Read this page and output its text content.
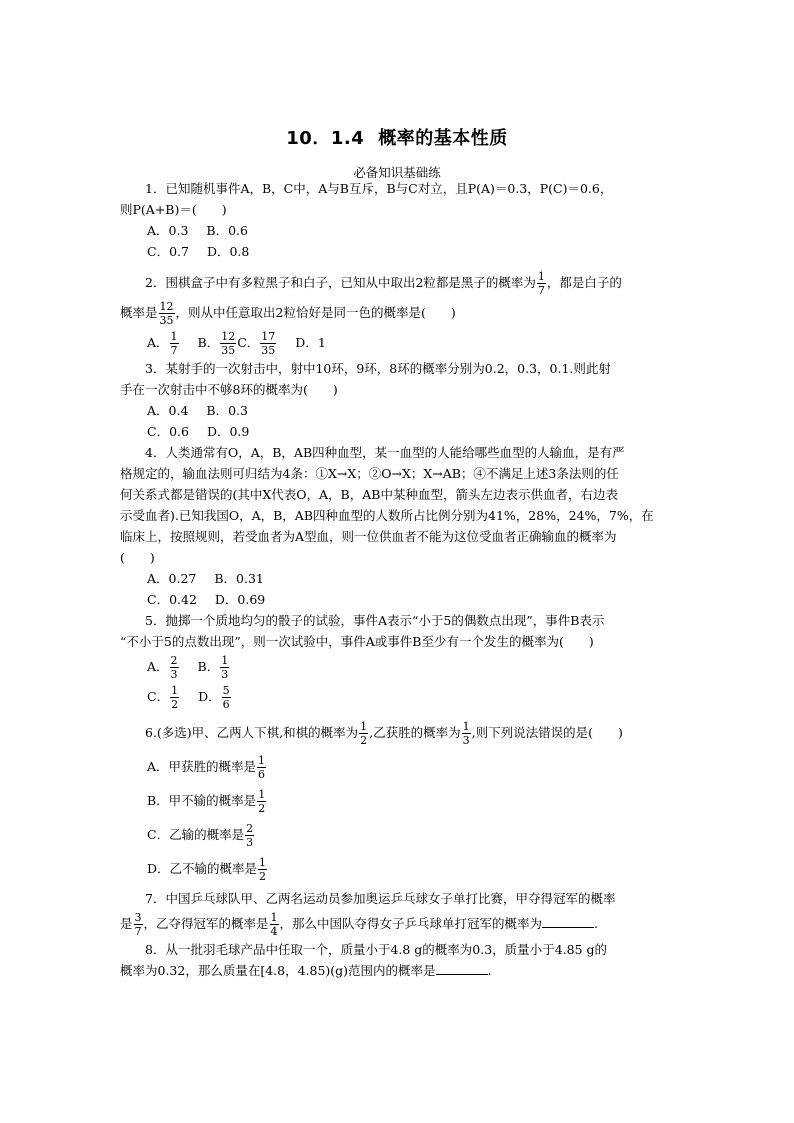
10．1.4 概率的基本性质
必备知识基础练
1．已知随机事件A，B，C中，A与B互斥，B与C对立，且P(A)＝0.3，P(C)＝0.6，
则P(A+B)＝(　　)
A．0.3 B．0.6
C．0.7 D．0.8
2．围棋盒子中有多粒黑子和白子，已知从中取出2粒都是黑子的概率为 $\frac{1}{7}$ ，都是白子的
概率是 $\frac{12}{35}$ ，则从中任意取出2粒恰好是同一色的概率是(　　)
A． $\frac{1}{7}$ B． $\frac{12}{35}$ C． $\frac{17}{35}$ D．1
3．某射手的一次射击中，射中10环，9环，8环的概率分别为0.2，0.3，0.1.则此射
手在一次射击中不够8环的概率为(　　)
A．0.4 B．0.3
C．0.6 D．0.9
4．人类通常有O，A，B，AB四种血型，某一血型的人能给哪些血型的人输血，是有严
格规定的，输血法则可归结为4条：①X→X；②O→X；X→AB；④不满足上述3条法则的任
何关系式都是错误的(其中X代表O，A，B，AB中某种血型，箭头左边表示供血者，右边表
示受血者).已知我国O，A，B，AB四种血型的人数所占比例分别为41%，28%，24%，7%，在
临床上，按照规则，若受血者为A型血，则一位供血者不能为这位受血者正确输血的概率为
(　　)
A．0.27 B．0.31
C．0.42 D．0.69
5．抛掷一个质地均匀的骰子的试验，事件A表示“小于5的偶数点出现”，事件B表示
“不小于5的点数出现”，则一次试验中，事件A或事件B至少有一个发生的概率为(　　)
A． $\frac{2}{3}$ B． $\frac{1}{3}$
C． $\frac{1}{2}$ D． $\frac{5}{6}$
6.(多选)甲、乙两人下棋,和棋的概率为 $\frac{1}{2}$ ,乙获胜的概率为 $\frac{1}{3}$ ,则下列说法错误的是(　　)
A．甲获胜的概率是 $\frac{1}{6}$
B．甲不输的概率是 $\frac{1}{2}$
C．乙输的概率是 $\frac{2}{3}$
D．乙不输的概率是 $\frac{1}{2}$
7．中国乒乓球队甲、乙两名运动员参加奥运乒乓球女子单打比赛，甲夺得冠军的概率
是 $\frac{3}{7}$ ，乙夺得冠军的概率是 $\frac{1}{4}$ ，那么中国队夺得女子乒乓球单打冠军的概率为	.
8．从一批羽毛球产品中任取一个，质量小于4.8 g的概率为0.3，质量小于4.85 g的
概率为0.32，那么质量在[4.8，4.85)(g)范围内的概率是	.
